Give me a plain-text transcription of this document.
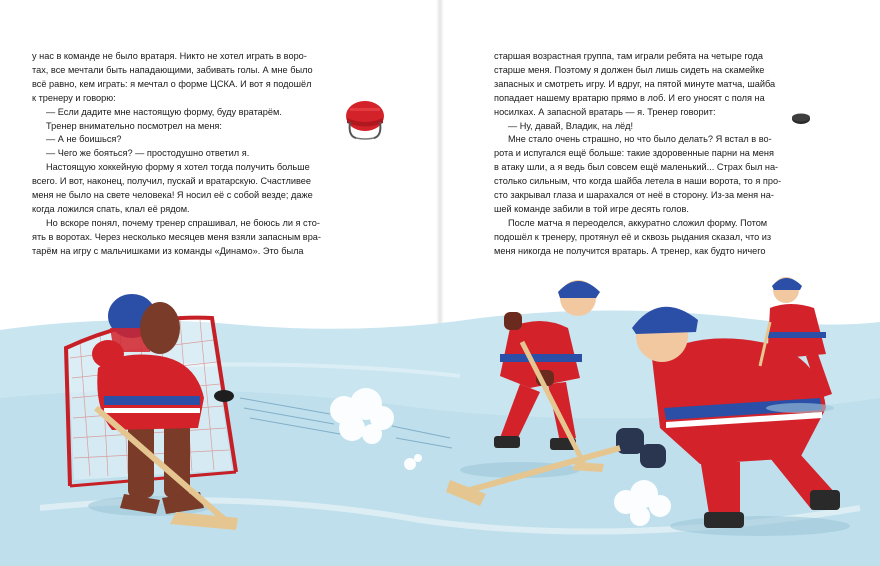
у нас в команде не было вратаря. Никто не хотел играть в воро-
тах, все мечтали быть нападающими, забивать голы. А мне было
всё равно, кем играть: я мечтал о форме ЦСКА. И вот я подошёл
к тренеру и говорю:

— Если дадите мне настоящую форму, буду вратарём.

Тренер внимательно посмотрел на меня:

— А не боишься?

— Чего же бояться? — простодушно ответил я.

Настоящую хоккейную форму я хотел тогда получить больше
всего. И вот, наконец, получил, пускай и вратарскую. Счастливее
меня не было на свете человека! Я носил её с собой везде; даже
когда ложился спать, клал её рядом.

Но вскоре понял, почему тренер спрашивал, не боюсь ли я сто-
ять в воротах. Через несколько месяцев меня взяли запасным вра-
тарём на игру с мальчишками из команды «Динамо». Это была

старшая возрастная группа, там играли ребята на четыре года
старше меня. Поэтому я должен был лишь сидеть на скамейке
запасных и смотреть игру. И вдруг, на пятой минуте матча, шайба
попадает нашему вратарю прямо в лоб. И его уносят с поля на
носилках. А запасной вратарь — я. Тренер говорит:

— Ну, давай, Владик, на лёд!

Мне стало очень страшно, но что было делать? Я встал в во-
рота и испугался ещё больше: такие здоровенные парни на меня
в атаку шли, а я ведь был совсем ещё маленький... Страх был на-
столько сильным, что когда шайба летела в наши ворота, то я про-
сто закрывал глаза и шарахался от неё в сторону. Из-за меня на-
шей команде забили в той игре десять голов.

После матча я переоделся, аккуратно сложил форму. Потом
подошёл к тренеру, протянул её и сквозь рыдания сказал, что из
меня никогда не получится вратарь. А тренер, как будто ничего
